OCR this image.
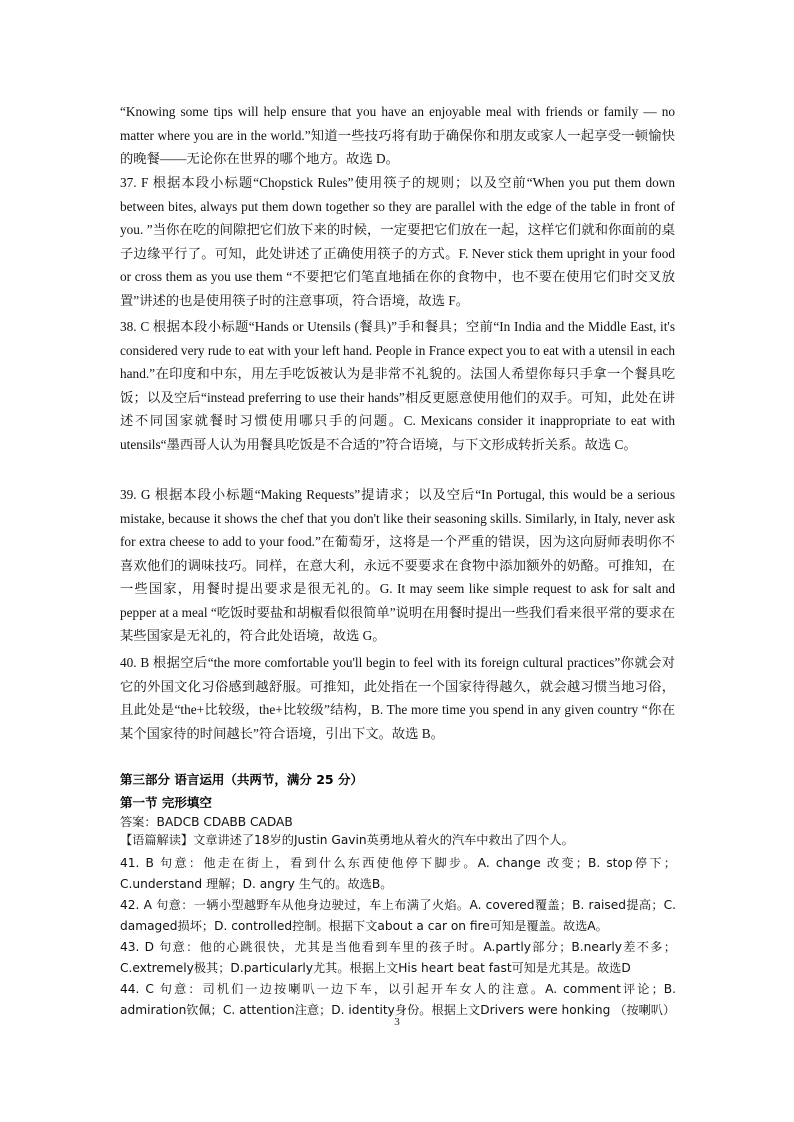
“Knowing some tips will help ensure that you have an enjoyable meal with friends or family — no matter where you are in the world.”知道一些技巧将有助于确保你和朋友或家人一起享受一顿愉快的晚餐——无论你在世界的哪个地方。故选 D。

37. F 根据本段小标题“Chopstick Rules”使用筷子的规则；以及空前“When you put them down between bites, always put them down together so they are parallel with the edge of the table in front of you. ”当你在吃的间隙把它们放下来的时候，一定要把它们放在一起，这样它们就和你面前的桌子边缘平行了。可知，此处讲述了正确使用筷子的方式。F. Never stick them upright in your food or cross them as you use them “不要把它们笔直地插在你的食物中，也不要在使用它们时交叉放置”讲述的也是使用筷子时的注意事项，符合语境，故选 F。

38. C 根据本段小标题“Hands or Utensils (餐具)”手和餐具；空前“In India and the Middle East, it's considered very rude to eat with your left hand. People in France expect you to eat with a utensil in each hand.”在印度和中东，用左手吃饭被认为是非常不礼貌的。法国人希望你每只手拿一个餐具吃饭；以及空后“instead preferring to use their hands”相反更愿意使用他们的双手。可知，此处在讲述不同国家就餐时习惯使用哪只手的问题。C. Mexicans consider it inappropriate to eat with utensils“墨西哥人认为用餐具吃饭是不合适的”符合语境，与下文形成转折关系。故选 C。

39. G 根据本段小标题“Making Requests”提请求；以及空后“In Portugal, this would be a serious mistake, because it shows the chef that you don't like their seasoning skills. Similarly, in Italy, never ask for extra cheese to add to your food.”在葡萄牙，这将是一个严重的错误，因为这向厨师表明你不喜欢他们的调味技巧。同样，在意大利，永远不要要求在食物中添加额外的奶酪。可推知，在一些国家，用餐时提出要求是很无礼的。G. It may seem like simple request to ask for salt and pepper at a meal “吃饭时要盐和胡椒看似很简单”说明在用餐时提出一些我们看来很平常的要求在某些国家是无礼的，符合此处语境，故选 G。

40. B 根据空后“the more comfortable you'll begin to feel with its foreign cultural practices”你就会对它的外国文化习俗感到越舒服。可推知，此处指在一个国家待得越久，就会越习惯当地习俗，且此处是“the+比较级，the+比较级”结构，B. The more time you spend in any given country “你在某个国家待的时间越长”符合语境，引出下文。故选 B。

第三部分 语言运用（共两节，满分 25 分）

第一节 完形填空

答案：BADCB CDABB CADAB

【语篇解读】文章讲述了18岁的Justin Gavin英勇地从着火的汽车中救出了四个人。

41. B 句意：他走在街上，看到什么东西使他停下脚步。A. change 改变；B. stop停下；C.understand 理解；D. angry 生气的。故选B。

42. A 句意：一辆小型越野车从他身边驶过，车上布满了火焰。A. covered覆盖；B. raised提高；C. damaged损坏；D. controlled控制。根据下文about a car on fire可知是覆盖。故选A。

43. D 句意：他的心跳很快，尤其是当他看到车里的孩子时。A.partly部分；B.nearly差不多；C.extremely极其；D.particularly尤其。根据上文His heart beat fast可知是尤其是。故选D

44. C 句意：司机们一边按喇叭一边下车，以引起开车女人的注意。A. comment评论；B. admiration钦佩；C. attention注意；D. identity身份。根据上文Drivers were honking （按喇叭）

3
